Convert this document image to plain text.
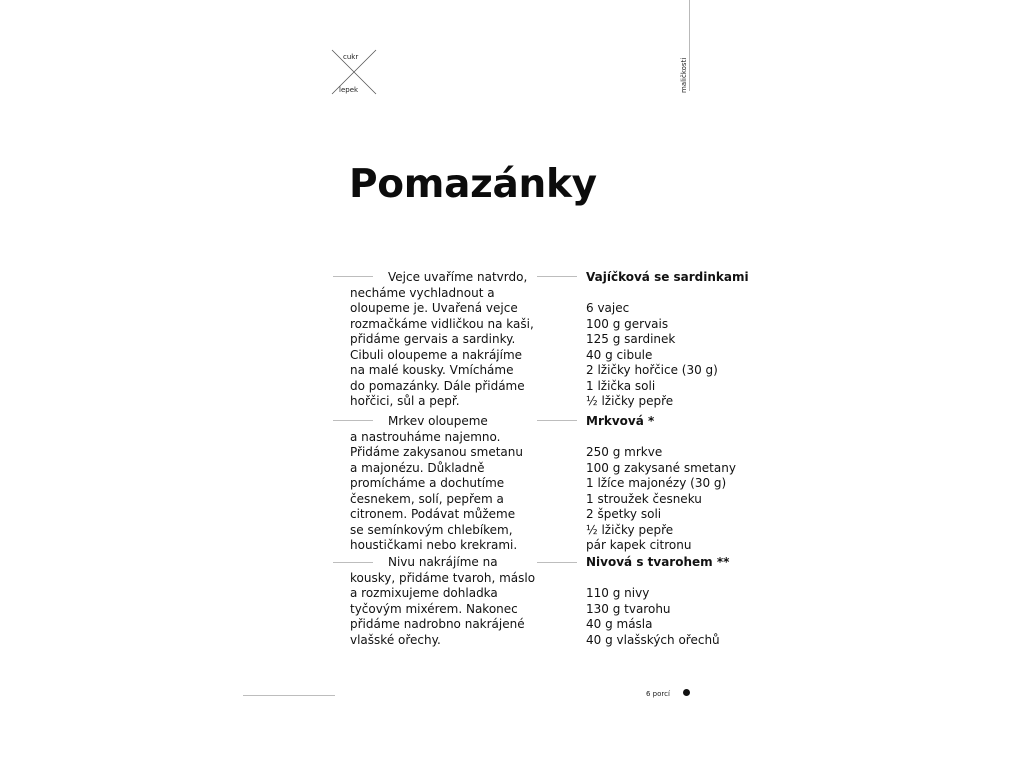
cukr
lepek	maličkosti
Pomazánky
Vejce uvaříme natvrdo,
necháme vychladnout a
oloupeme je. Uvařená vejce
rozmačkáme vidličkou na kaši,
přidáme gervais a sardinky.
Cibuli oloupeme a nakrájíme
na malé kousky. Vmícháme
do pomazánky. Dále přidáme
hořčici, sůl a pepř.
Mrkev oloupeme
a nastrouháme najemno.
Přidáme zakysanou smetanu
a majonézu. Důkladně
promícháme a dochutíme
česnekem, solí, pepřem a
citronem. Podávat můžeme
se semínkovým chlebíkem,
houstičkami nebo krekrami.
Nivu nakrájíme na
kousky, přidáme tvaroh, máslo
a rozmixujeme dohladka
tyčovým mixérem. Nakonec
přidáme nadrobno nakrájené
vlašské ořechy.
Vajíčková se sardinkami
6 vajec
100 g gervais
125 g sardinek
40 g cibule
2 lžičky hořčice (30 g)
1 lžička soli
½ lžičky pepře
Mrkvová *
250 g mrkve
100 g zakysané smetany
1 lžíce majonézy (30 g)
1 stroužek česneku
2 špetky soli
½ lžičky pepře
pár kapek citronu
Nivová s tvarohem **
110 g nivy
130 g tvarohu
40 g másla
40 g vlašských ořechů
6 porcí
